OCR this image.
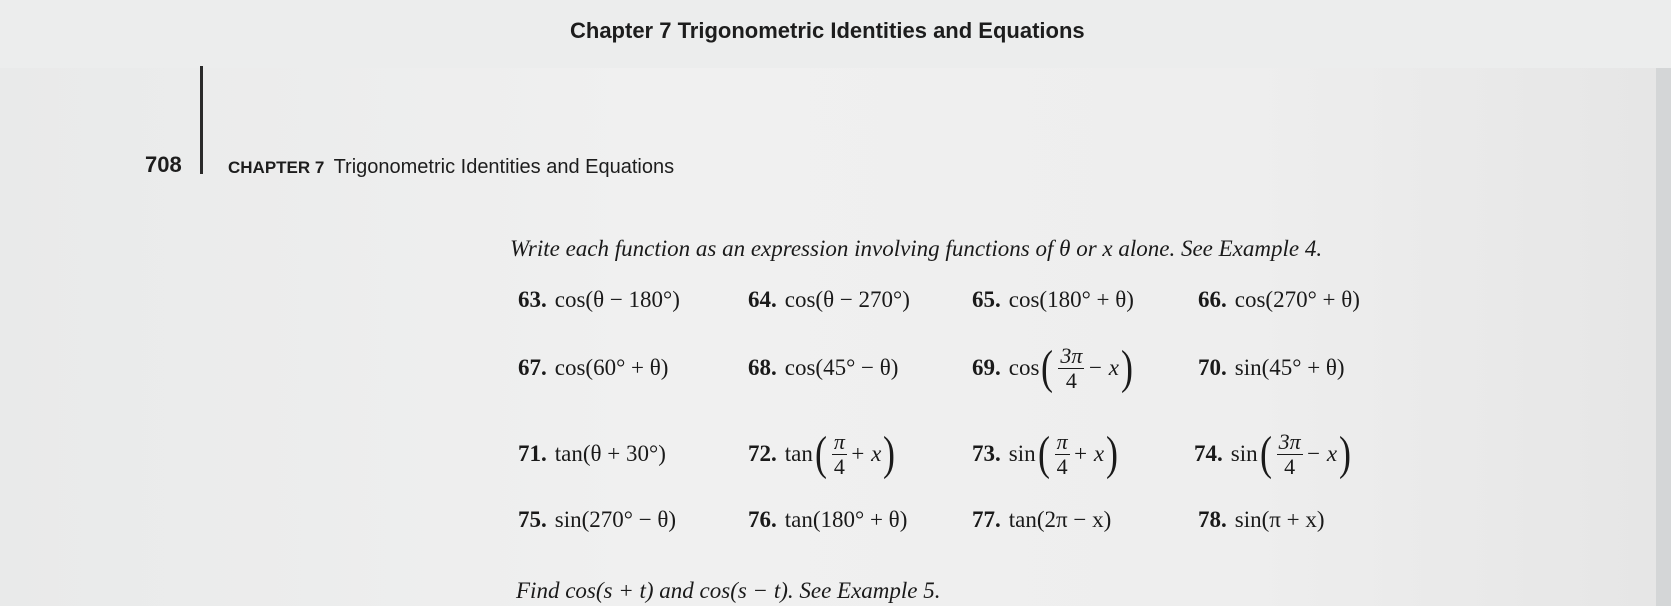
Chapter 7 Trigonometric Identities and Equations
708	CHAPTER 7 Trigonometric Identities and Equations
Write each function as an expression involving functions of θ or x alone. See Example 4.
63. cos(θ − 180°)	64. cos(θ − 270°)	65. cos(180° + θ)	66. cos(270° + θ)
67. cos(60° + θ)	68. cos(45° − θ)	69. cos ( $\frac{3\pi}{4} - x$ )	70. sin(45° + θ)
71. tan(θ + 30°)	72. tan ( $\frac{\pi}{4} + x$ )	73. sin ( $\frac{\pi}{4} + x$ )	74. sin ( $\frac{3\pi}{4} - x$ )
75. sin(270° − θ)	76. tan(180° + θ)	77. tan(2π − x)	78. sin(π + x)
Find cos(s + t) and cos(s − t). See Example 5.
